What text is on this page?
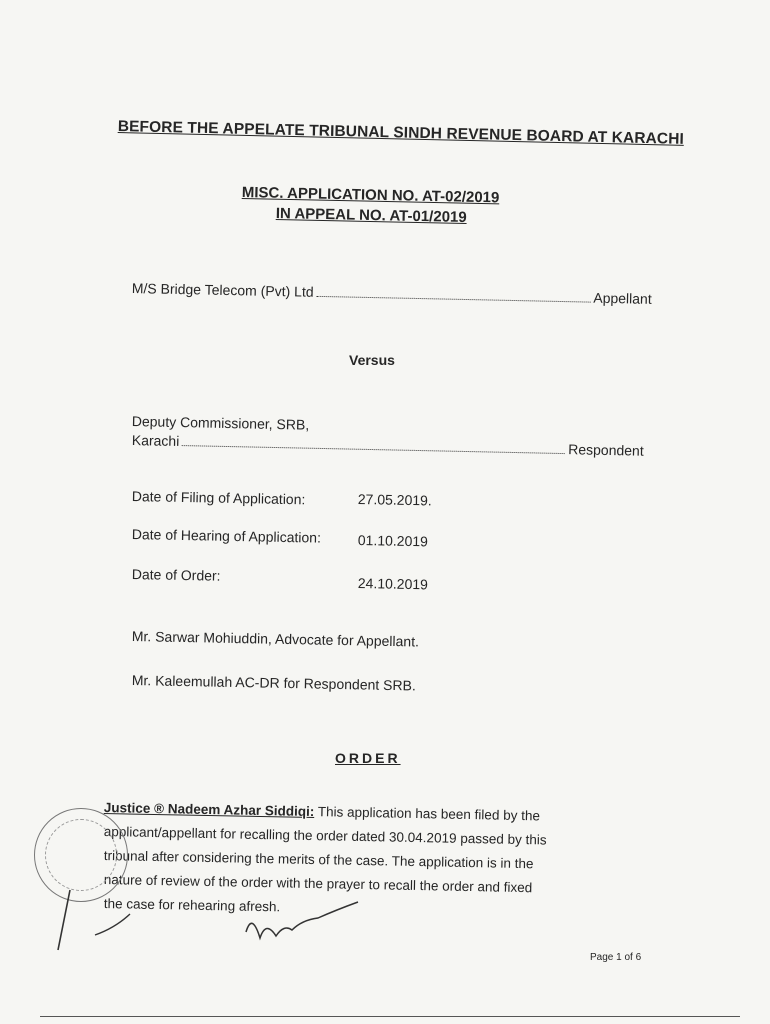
BEFORE THE APPELATE TRIBUNAL SINDH REVENUE BOARD AT KARACHI
MISC. APPLICATION NO. AT-02/2019
IN APPEAL NO. AT-01/2019
M/S Bridge Telecom (Pvt) Ltd	Appellant
Versus
Deputy Commissioner, SRB,
Karachi
Respondent
Date of Filing of Application:	27.05.2019.
Date of Hearing of Application:	01.10.2019
Date of Order:	24.10.2019
Mr. Sarwar Mohiuddin, Advocate for Appellant.
Mr. Kaleemullah AC-DR for Respondent SRB.
ORDER
Justice ® Nadeem Azhar Siddiqi: This application has been filed by the
applicant/appellant for recalling the order dated 30.04.2019 passed by this
tribunal after considering the merits of the case. The application is in the
nature of review of the order with the prayer to recall the order and fixed
the case for rehearing afresh.
Page 1 of 6
